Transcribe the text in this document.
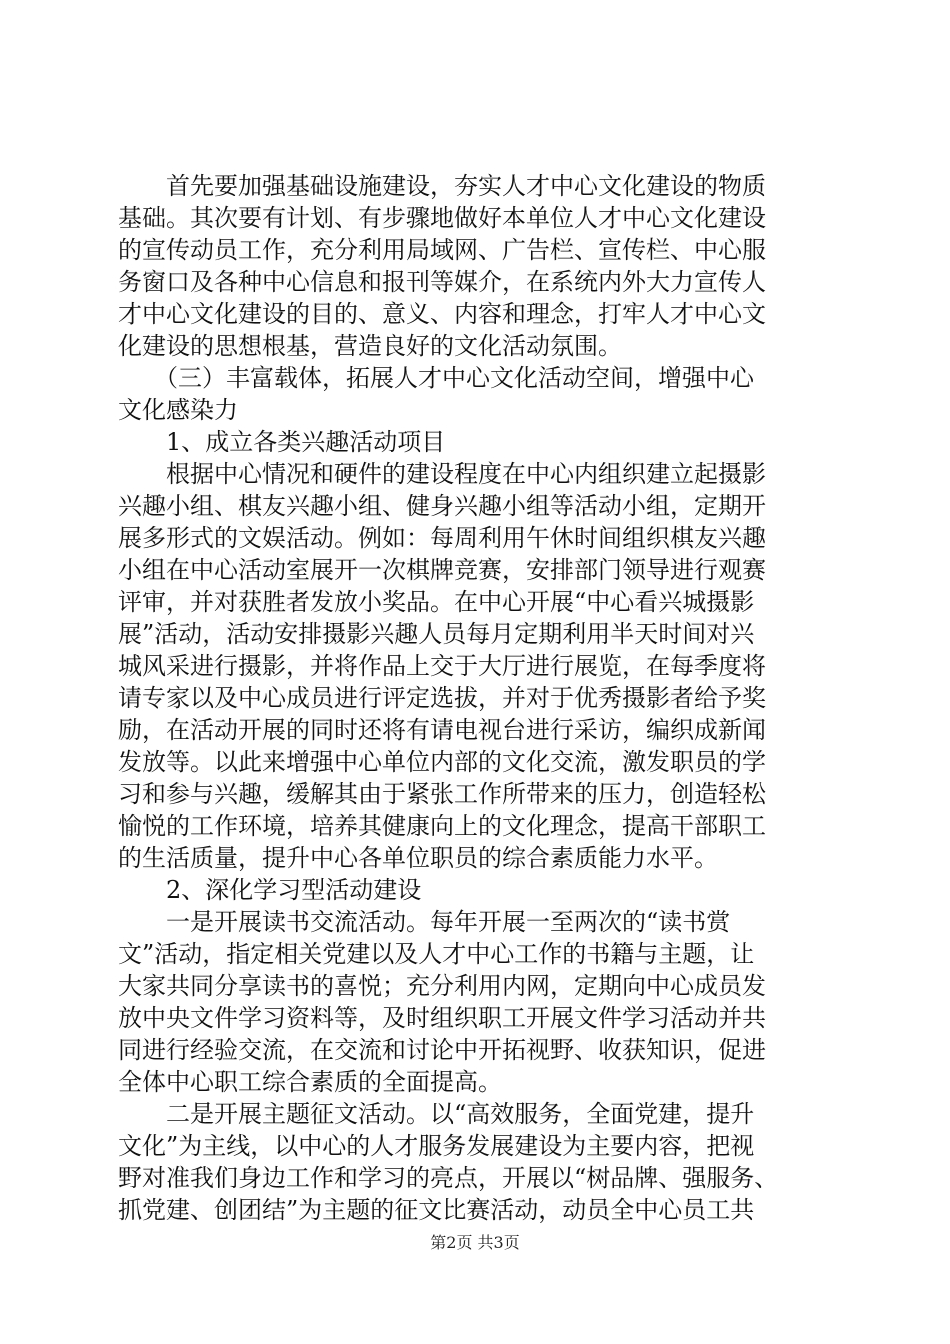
　　首先要加强基础设施建设，夯实人才中心文化建设的物质
基础。其次要有计划、有步骤地做好本单位人才中心文化建设
的宣传动员工作，充分利用局域网、广告栏、宣传栏、中心服
务窗口及各种中心信息和报刊等媒介，在系统内外大力宣传人
才中心文化建设的目的、意义、内容和理念，打牢人才中心文
化建设的思想根基，营造良好的文化活动氛围。
　　（三）丰富载体，拓展人才中心文化活动空间，增强中心
文化感染力
　　1、成立各类兴趣活动项目
　　根据中心情况和硬件的建设程度在中心内组织建立起摄影
兴趣小组、棋友兴趣小组、健身兴趣小组等活动小组，定期开
展多形式的文娱活动。例如：每周利用午休时间组织棋友兴趣
小组在中心活动室展开一次棋牌竞赛，安排部门领导进行观赛
评审，并对获胜者发放小奖品。在中心开展“中心看兴城摄影
展”活动，活动安排摄影兴趣人员每月定期利用半天时间对兴
城风采进行摄影，并将作品上交于大厅进行展览，在每季度将
请专家以及中心成员进行评定选拔，并对于优秀摄影者给予奖
励，在活动开展的同时还将有请电视台进行采访，编织成新闻
发放等。以此来增强中心单位内部的文化交流，激发职员的学
习和参与兴趣，缓解其由于紧张工作所带来的压力，创造轻松
愉悦的工作环境，培养其健康向上的文化理念，提高干部职工
的生活质量，提升中心各单位职员的综合素质能力水平。
　　2、深化学习型活动建设
　　一是开展读书交流活动。每年开展一至两次的“读书赏
文”活动，指定相关党建以及人才中心工作的书籍与主题，让
大家共同分享读书的喜悦；充分利用内网，定期向中心成员发
放中央文件学习资料等，及时组织职工开展文件学习活动并共
同进行经验交流，在交流和讨论中开拓视野、收获知识，促进
全体中心职工综合素质的全面提高。
　　二是开展主题征文活动。以“高效服务，全面党建，提升
文化”为主线，以中心的人才服务发展建设为主要内容，把视
野对准我们身边工作和学习的亮点，开展以“树品牌、强服务、
抓党建、创团结”为主题的征文比赛活动，动员全中心员工共
第2页 共3页
